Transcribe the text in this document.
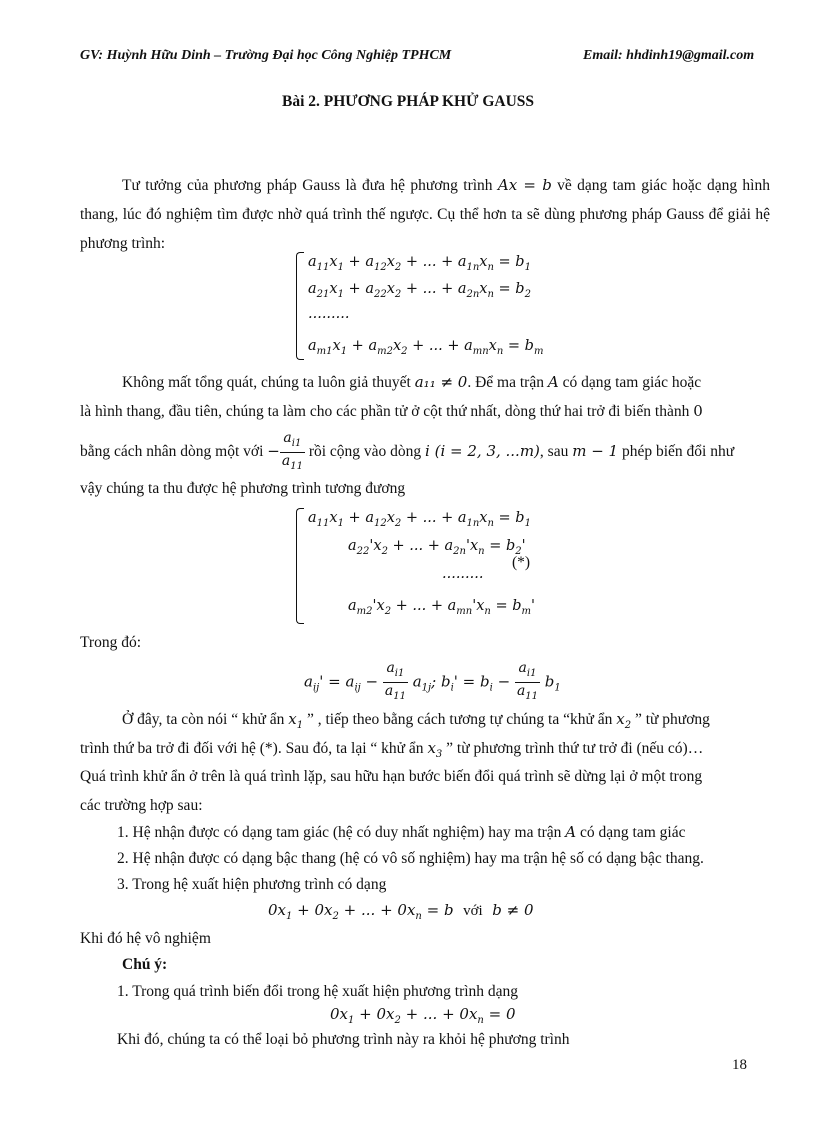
GV: Huỳnh Hữu Dinh – Trường Đại học Công Nghiệp TPHCM	Email: hhdinh19@gmail.com
Bài 2. PHƯƠNG PHÁP KHỬ GAUSS

Tư tưởng của phương pháp Gauss là đưa hệ phương trình Ax = b về dạng tam giác hoặc dạng hình thang, lúc đó nghiệm tìm được nhờ quá trình thế ngược. Cụ thể hơn ta sẽ dùng phương pháp Gauss để giải hệ phương trình:

$a_{11}x_1 + a_{12}x_2$ + ... + $a_{1n}x_n = b_1$
$a_{21}x_1 + a_{22}x_2$ + ... + $a_{2n}x_n = b_2$
.........
$a_{m1}x_1 + a_{m2}x_2$ + ... + $a_{mn}x_n = b_m$
Không mất tổng quát, chúng ta luôn giả thuyết a₁₁ ≠ 0. Để ma trận A có dạng tam giác hoặc
là hình thang, đầu tiên, chúng ta làm cho các phần tử ở cột thứ nhất, dòng thứ hai trở đi biến thành 0
bằng cách nhân dòng một với − $\frac{a_{i1}}{a_{11}}$ rồi cộng vào dòng i (i = 2, 3, ...m), sau m − 1 phép biến đổi như
vậy chúng ta thu được hệ phương trình tương đương
$a_{11}x_1 + a_{12}x_2$ + ... + $a_{1n}x_n = b_1$
$a_{22}'x_2$ + ... + $a_{2n}'x_n = b_2'$
.........
$a_{m2}'x_2$ + ... + $a_{mn}'x_n = b_m'$
(*)
Trong đó:
$a_{ij}' = a_{ij} - \frac{a_{i1}}{a_{11}} a_{1j}$; $b_i' = b_i - \frac{a_{i1}}{a_{11}} b_1$
Ở đây, ta còn nói “ khử ẩn $x_1$ ” , tiếp theo bằng cách tương tự chúng ta “khử ẩn $x_2$ ” từ phương
trình thứ ba trở đi đối với hệ (*). Sau đó, ta lại “ khử ẩn $x_3$ ” từ phương trình thứ tư trở đi (nếu có)…
Quá trình khử ẩn ở trên là quá trình lặp, sau hữu hạn bước biến đổi quá trình sẽ dừng lại ở một trong
các trường hợp sau:
1. Hệ nhận được có dạng tam giác (hệ có duy nhất nghiệm) hay ma trận A có dạng tam giác
2. Hệ nhận được có dạng bậc thang (hệ có vô số nghiệm) hay ma trận hệ số có dạng bậc thang.
3. Trong hệ xuất hiện phương trình có dạng
$0x_1 + 0x_2$ + ... + $0x_n = b$  với  b ≠ 0
Khi đó hệ vô nghiệm
Chú ý:
1. Trong quá trình biến đổi trong hệ xuất hiện phương trình dạng
$0x_1 + 0x_2$ + ... + $0x_n = 0$
Khi đó, chúng ta có thể loại bỏ phương trình này ra khỏi hệ phương trình
18
